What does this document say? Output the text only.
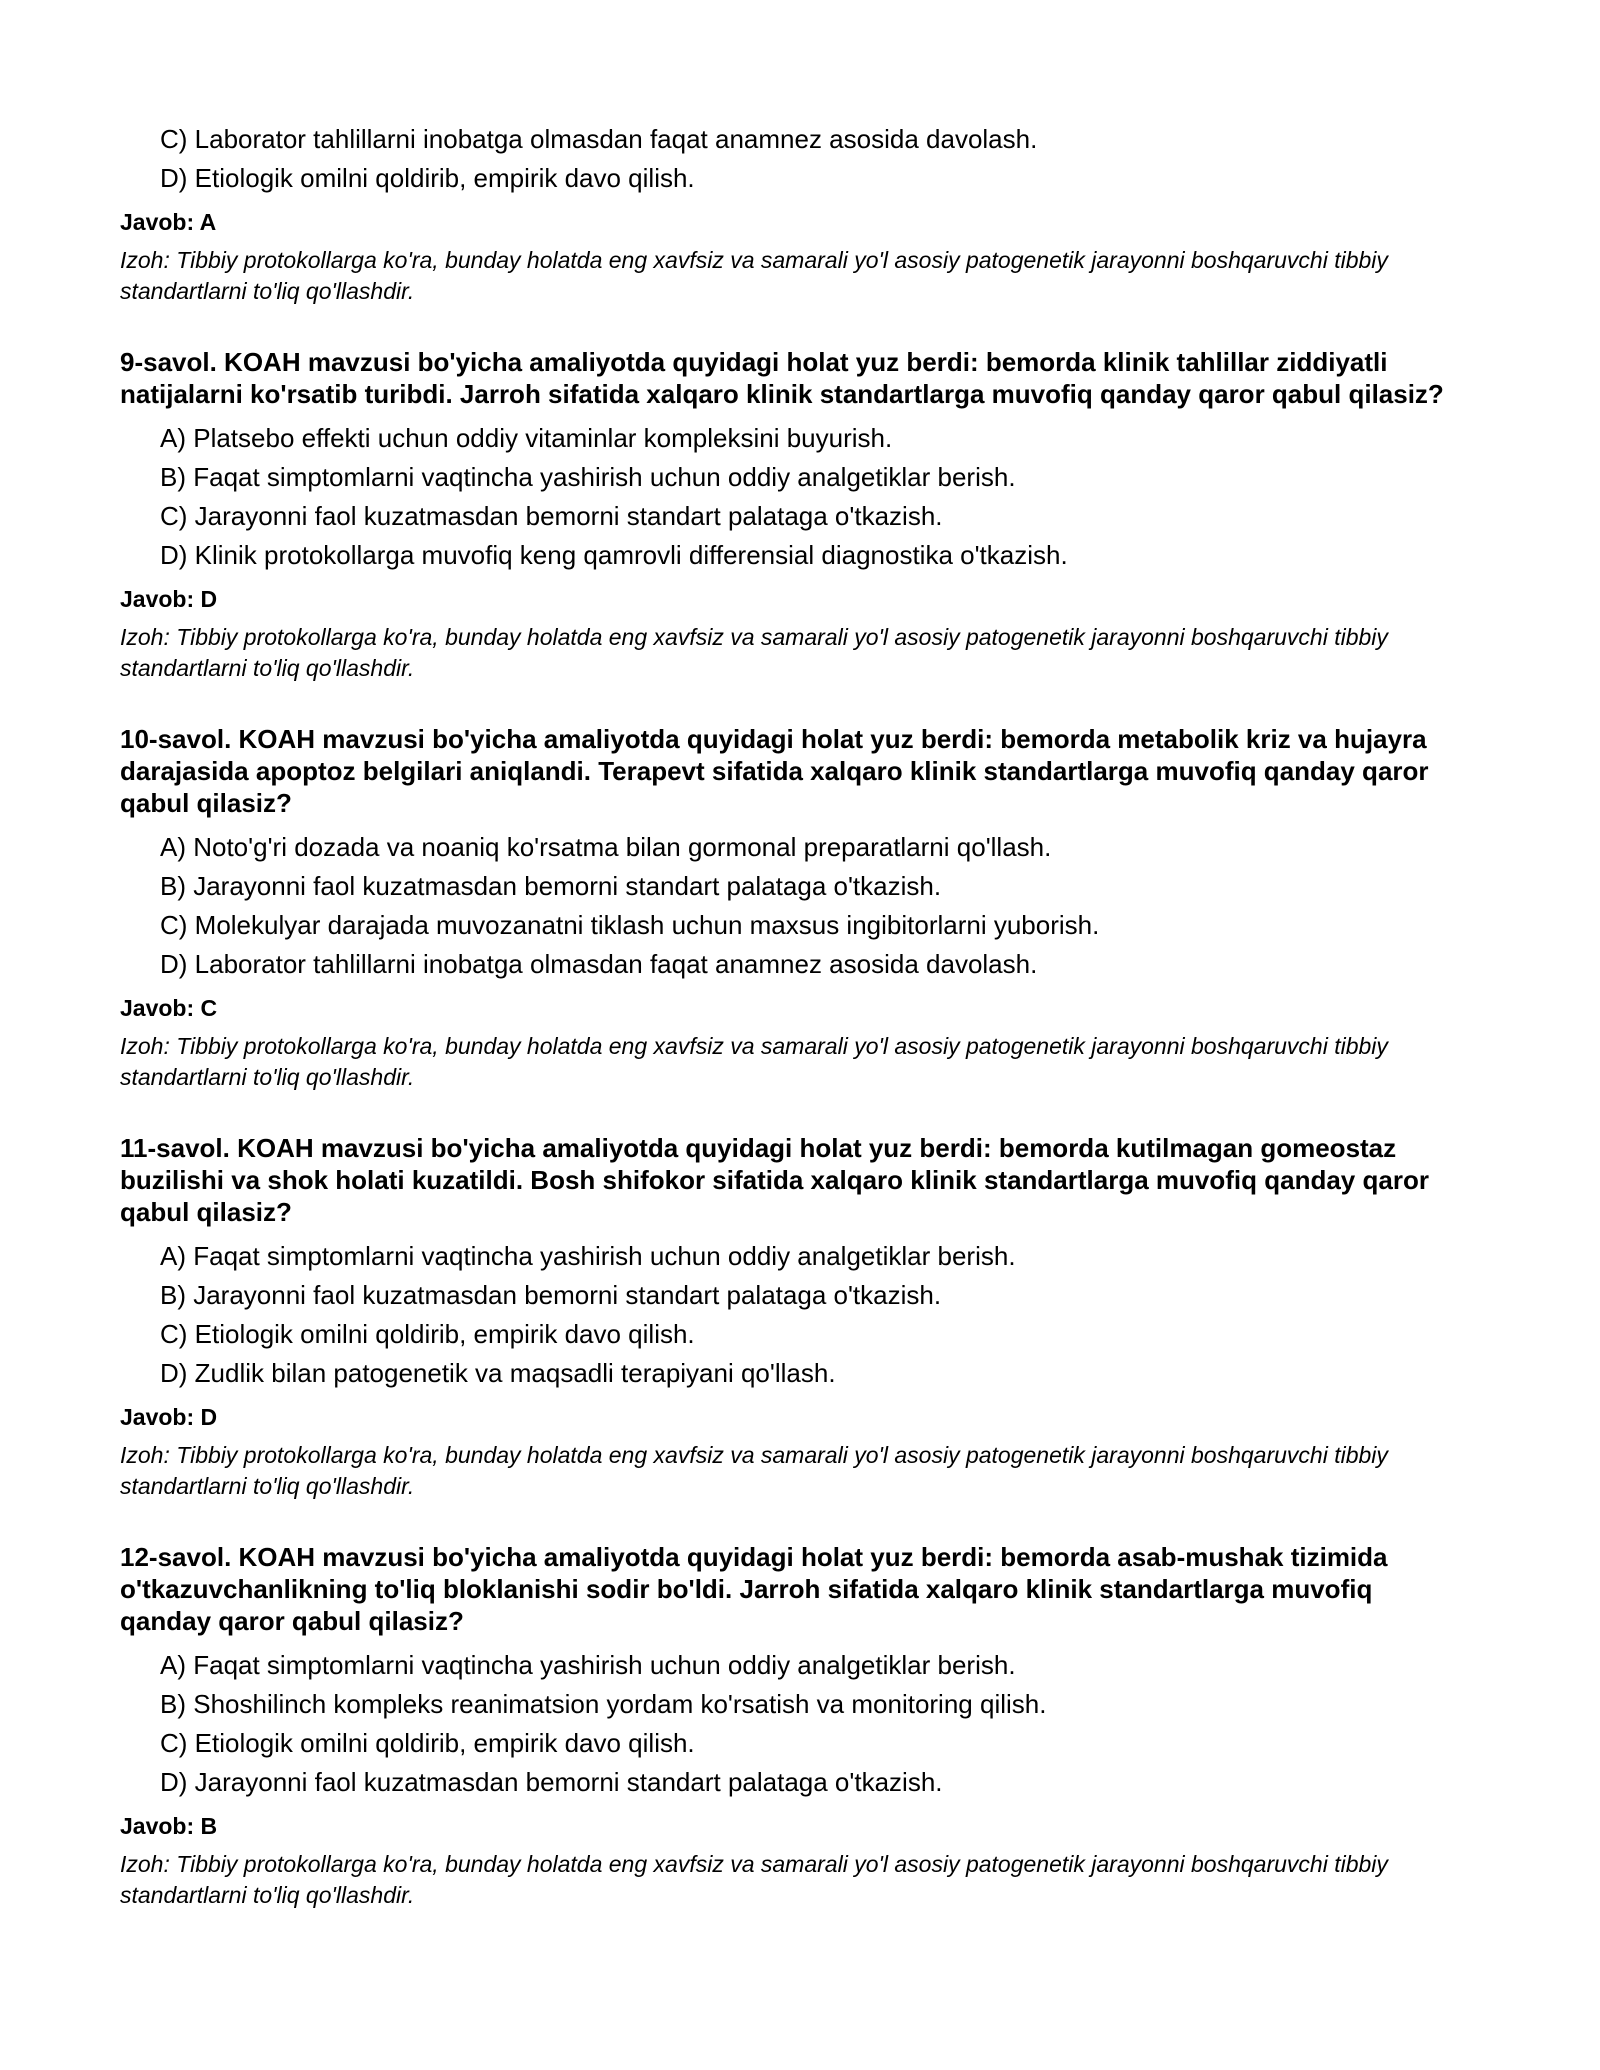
C) Laborator tahlillarni inobatga olmasdan faqat anamnez asosida davolash.
D) Etiologik omilni qoldirib, empirik davo qilish.
Javob: A
Izoh: Tibbiy protokollarga ko'ra, bunday holatda eng xavfsiz va samarali yo'l asosiy patogenetik jarayonni boshqaruvchi tibbiy standartlarni to'liq qo'llashdir.
9-savol. KOAH mavzusi bo'yicha amaliyotda quyidagi holat yuz berdi: bemorda klinik tahlillar ziddiyatli natijalarni ko'rsatib turibdi. Jarroh sifatida xalqaro klinik standartlarga muvofiq qanday qaror qabul qilasiz?
A) Platsebo effekti uchun oddiy vitaminlar kompleksini buyurish.
B) Faqat simptomlarni vaqtincha yashirish uchun oddiy analgetiklar berish.
C) Jarayonni faol kuzatmasdan bemorni standart palataga o'tkazish.
D) Klinik protokollarga muvofiq keng qamrovli differensial diagnostika o'tkazish.
Javob: D
Izoh: Tibbiy protokollarga ko'ra, bunday holatda eng xavfsiz va samarali yo'l asosiy patogenetik jarayonni boshqaruvchi tibbiy standartlarni to'liq qo'llashdir.
10-savol. KOAH mavzusi bo'yicha amaliyotda quyidagi holat yuz berdi: bemorda metabolik kriz va hujayra darajasida apoptoz belgilari aniqlandi. Terapevt sifatida xalqaro klinik standartlarga muvofiq qanday qaror qabul qilasiz?
A) Noto'g'ri dozada va noaniq ko'rsatma bilan gormonal preparatlarni qo'llash.
B) Jarayonni faol kuzatmasdan bemorni standart palataga o'tkazish.
C) Molekulyar darajada muvozanatni tiklash uchun maxsus ingibitorlarni yuborish.
D) Laborator tahlillarni inobatga olmasdan faqat anamnez asosida davolash.
Javob: C
Izoh: Tibbiy protokollarga ko'ra, bunday holatda eng xavfsiz va samarali yo'l asosiy patogenetik jarayonni boshqaruvchi tibbiy standartlarni to'liq qo'llashdir.
11-savol. KOAH mavzusi bo'yicha amaliyotda quyidagi holat yuz berdi: bemorda kutilmagan gomeostaz buzilishi va shok holati kuzatildi. Bosh shifokor sifatida xalqaro klinik standartlarga muvofiq qanday qaror qabul qilasiz?
A) Faqat simptomlarni vaqtincha yashirish uchun oddiy analgetiklar berish.
B) Jarayonni faol kuzatmasdan bemorni standart palataga o'tkazish.
C) Etiologik omilni qoldirib, empirik davo qilish.
D) Zudlik bilan patogenetik va maqsadli terapiyani qo'llash.
Javob: D
Izoh: Tibbiy protokollarga ko'ra, bunday holatda eng xavfsiz va samarali yo'l asosiy patogenetik jarayonni boshqaruvchi tibbiy standartlarni to'liq qo'llashdir.
12-savol. KOAH mavzusi bo'yicha amaliyotda quyidagi holat yuz berdi: bemorda asab-mushak tizimida o'tkazuvchanlikning to'liq bloklanishi sodir bo'ldi. Jarroh sifatida xalqaro klinik standartlarga muvofiq qanday qaror qabul qilasiz?
A) Faqat simptomlarni vaqtincha yashirish uchun oddiy analgetiklar berish.
B) Shoshilinch kompleks reanimatsion yordam ko'rsatish va monitoring qilish.
C) Etiologik omilni qoldirib, empirik davo qilish.
D) Jarayonni faol kuzatmasdan bemorni standart palataga o'tkazish.
Javob: B
Izoh: Tibbiy protokollarga ko'ra, bunday holatda eng xavfsiz va samarali yo'l asosiy patogenetik jarayonni boshqaruvchi tibbiy standartlarni to'liq qo'llashdir.
